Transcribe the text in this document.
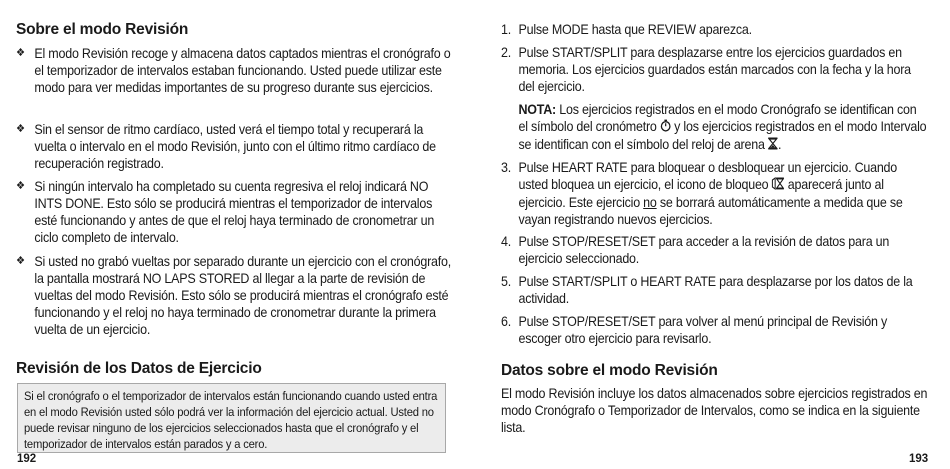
Sobre el modo Revisión
❖ El modo Revisión recoge y almacena datos captados mientras el cronógrafo o el temporizador de intervalos estaban funcionando. Usted puede utilizar este modo para ver medidas importantes de su progreso durante sus ejercicios.
❖ Sin el sensor de ritmo cardíaco, usted verá el tiempo total y recuperará la vuelta o intervalo en el modo Revisión, junto con el último ritmo cardíaco de recuperación registrado.
❖ Si ningún intervalo ha completado su cuenta regresiva el reloj indicará NO INTS DONE. Esto sólo se producirá mientras el temporizador de intervalos esté funcionando y antes de que el reloj haya terminado de cronometrar un ciclo completo de intervalo.
❖ Si usted no grabó vueltas por separado durante un ejercicio con el cronógrafo, la pantalla mostrará NO LAPS STORED al llegar a la parte de revisión de vueltas del modo Revisión. Esto sólo se producirá mientras el cronógrafo esté funcionando y el reloj no haya terminado de cronometrar durante la primera vuelta de un ejercicio.
Revisión de los Datos de Ejercicio
Si el cronógrafo o el temporizador de intervalos están funcionando cuando usted entra en el modo Revisión usted sólo podrá ver la información del ejercicio actual. Usted no puede revisar ninguno de los ejercicios seleccionados hasta que el cronógrafo y el temporizador de intervalos están parados y a cero.
192
1. Pulse MODE hasta que REVIEW aparezca.
2. Pulse START/SPLIT para desplazarse entre los ejercicios guardados en memoria. Los ejercicios guardados están marcados con la fecha y la hora del ejercicio.
NOTA: Los ejercicios registrados en el modo Cronógrafo se identifican con el símbolo del cronómetro y los ejercicios registrados en el modo Intervalo se identifican con el símbolo del reloj de arena .
3. Pulse HEART RATE para bloquear o desbloquear un ejercicio. Cuando usted bloquea un ejercicio, el icono de bloqueo aparecerá junto al ejercicio. Este ejercicio no se borrará automáticamente a medida que se vayan registrando nuevos ejercicios.
4. Pulse STOP/RESET/SET para acceder a la revisión de datos para un ejercicio seleccionado.
5. Pulse START/SPLIT o HEART RATE para desplazarse por los datos de la actividad.
6. Pulse STOP/RESET/SET para volver al menú principal de Revisión y escoger otro ejercicio para revisarlo.
Datos sobre el modo Revisión
El modo Revisión incluye los datos almacenados sobre ejercicios registrados en modo Cronógrafo o Temporizador de Intervalos, como se indica en la siguiente lista.
193
